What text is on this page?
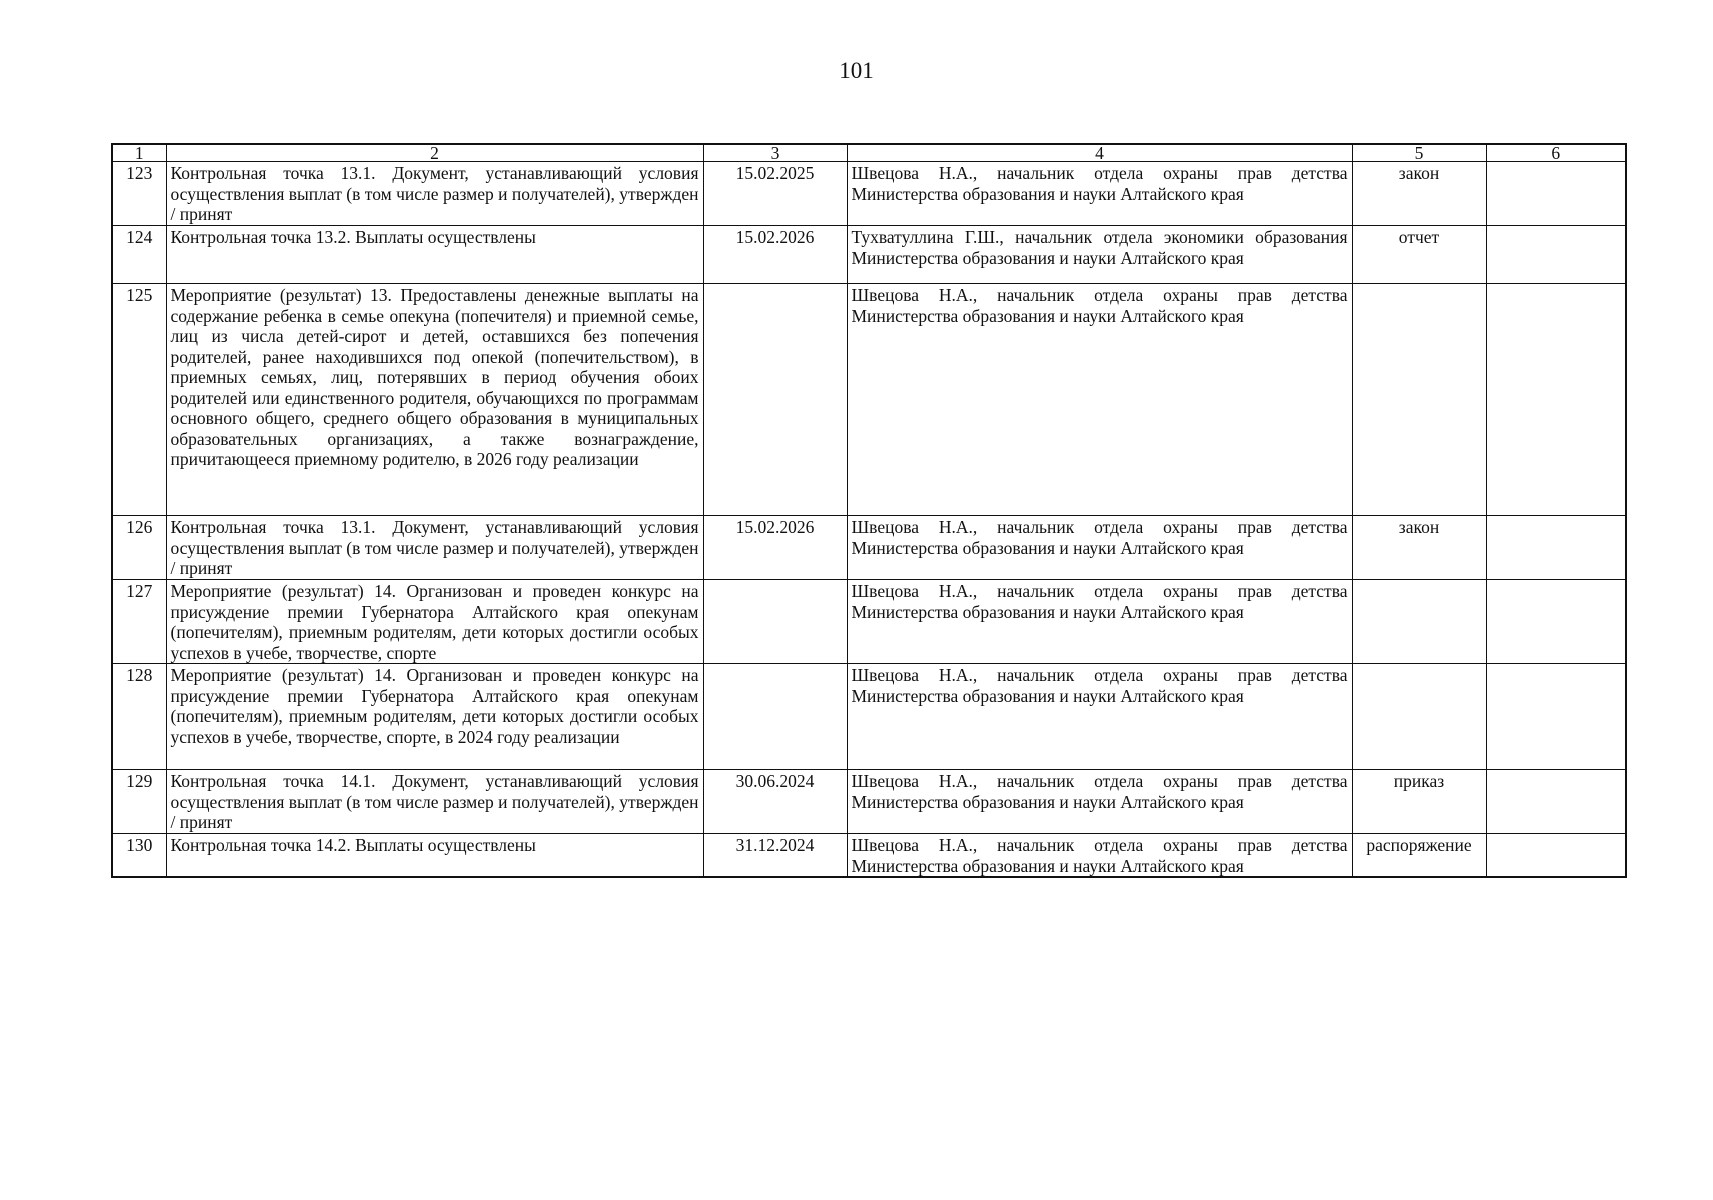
101
1	2	3	4	5	6
123	Контрольная точка 13.1. Документ, устанавливающий условия осуществления выплат (в том числе размер и получателей), утвержден / принят	15.02.2025	Швецова Н.А., начальник отдела охраны прав детства Министерства образования и науки Алтайского края	закон	
124	Контрольная точка 13.2. Выплаты осуществлены	15.02.2026	Тухватуллина Г.Ш., начальник отдела экономики образования Министерства образования и науки Алтайского края	отчет	
125	Мероприятие (результат) 13. Предоставлены денежные выплаты на содержание ребенка в семье опекуна (попечителя) и приемной семье, лиц из числа детей-сирот и детей, оставшихся без попечения родителей, ранее находившихся под опекой (попечительством), в приемных семьях, лиц, потерявших в период обучения обоих родителей или единственного родителя, обучающихся по программам основного общего, среднего общего образования в муниципальных образовательных организациях, а также вознаграждение, причитающееся приемному родителю, в 2026 году реализации		Швецова Н.А., начальник отдела охраны прав детства Министерства образования и науки Алтайского края		
126	Контрольная точка 13.1. Документ, устанавливающий условия осуществления выплат (в том числе размер и получателей), утвержден / принят	15.02.2026	Швецова Н.А., начальник отдела охраны прав детства Министерства образования и науки Алтайского края	закон	
127	Мероприятие (результат) 14. Организован и проведен конкурс на присуждение премии Губернатора Алтайского края опекунам (попечителям), приемным родителям, дети которых достигли особых успехов в учебе, творчестве, спорте		Швецова Н.А., начальник отдела охраны прав детства Министерства образования и науки Алтайского края		
128	Мероприятие (результат) 14. Организован и проведен конкурс на присуждение премии Губернатора Алтайского края опекунам (попечителям), приемным родителям, дети которых достигли особых успехов в учебе, творчестве, спорте, в 2024 году реализации		Швецова Н.А., начальник отдела охраны прав детства Министерства образования и науки Алтайского края		
129	Контрольная точка 14.1. Документ, устанавливающий условия осуществления выплат (в том числе размер и получателей), утвержден / принят	30.06.2024	Швецова Н.А., начальник отдела охраны прав детства Министерства образования и науки Алтайского края	приказ	
130	Контрольная точка 14.2. Выплаты осуществлены	31.12.2024	Швецова Н.А., начальник отдела охраны прав детства Министерства образования и науки Алтайского края	распоряжение	
